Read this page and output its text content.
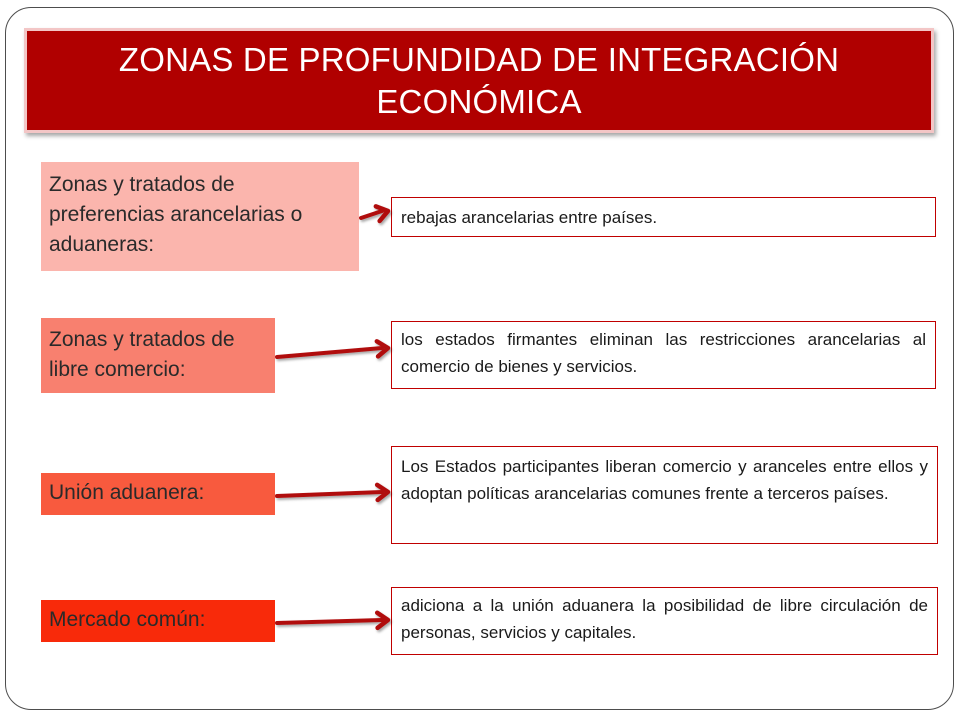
ZONAS DE PROFUNDIDAD DE INTEGRACIÓN ECONÓMICA
Zonas y tratados de preferencias arancelarias o aduaneras:
rebajas arancelarias entre países.
Zonas y tratados de libre comercio:
los estados firmantes eliminan las restricciones arancelarias al comercio de bienes y servicios.
Unión aduanera:
Los Estados participantes liberan comercio y aranceles entre ellos y adoptan políticas arancelarias comunes frente a terceros países.
Mercado común:
adiciona a la unión aduanera la posibilidad de libre circulación de personas, servicios y capitales.
